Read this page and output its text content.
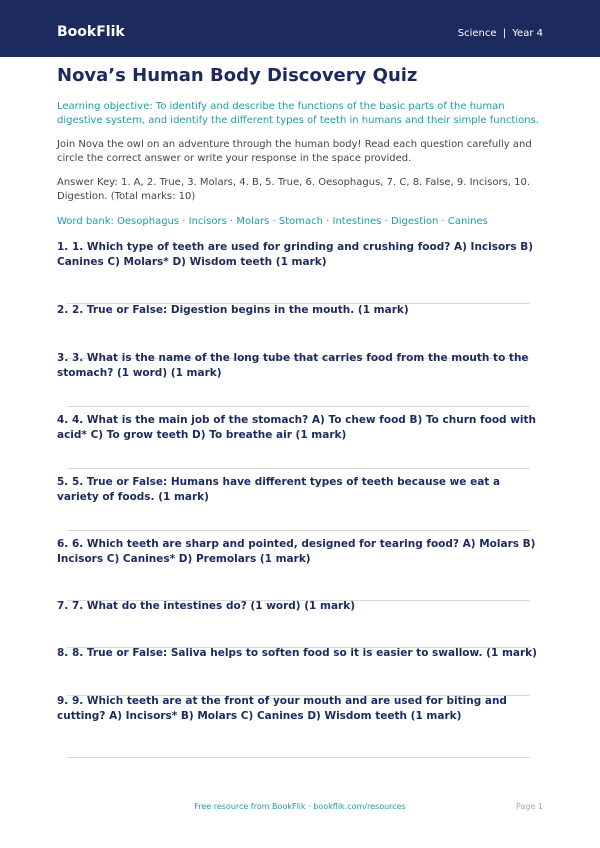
BookFlik	Science | Year 4
Nova’s Human Body Discovery Quiz

Learning objective: To identify and describe the functions of the basic parts of the human digestive system, and identify the different types of teeth in humans and their simple functions.

Join Nova the owl on an adventure through the human body! Read each question carefully and circle the correct answer or write your response in the space provided.

Answer Key: 1. A, 2. True, 3. Molars, 4. B, 5. True, 6. Oesophagus, 7. C, 8. False, 9. Incisors, 10. Digestion. (Total marks: 10)

Word bank: Oesophagus · Incisors · Molars · Stomach · Intestines · Digestion · Canines

1. 1. Which type of teeth are used for grinding and crushing food? A) Incisors B) Canines C) Molars* D) Wisdom teeth (1 mark)

2. 2. True or False: Digestion begins in the mouth. (1 mark)

3. 3. What is the name of the long tube that carries food from the mouth to the stomach? (1 word) (1 mark)

4. 4. What is the main job of the stomach? A) To chew food B) To churn food with acid* C) To grow teeth D) To breathe air (1 mark)

5. 5. True or False: Humans have different types of teeth because we eat a variety of foods. (1 mark)

6. 6. Which teeth are sharp and pointed, designed for tearing food? A) Molars B) Incisors C) Canines* D) Premolars (1 mark)

7. 7. What do the intestines do? (1 word) (1 mark)

8. 8. True or False: Saliva helps to soften food so it is easier to swallow. (1 mark)

9. 9. Which teeth are at the front of your mouth and are used for biting and cutting? A) Incisors* B) Molars C) Canines D) Wisdom teeth (1 mark)

Free resource from BookFlik · bookflik.com/resources	Page 1
